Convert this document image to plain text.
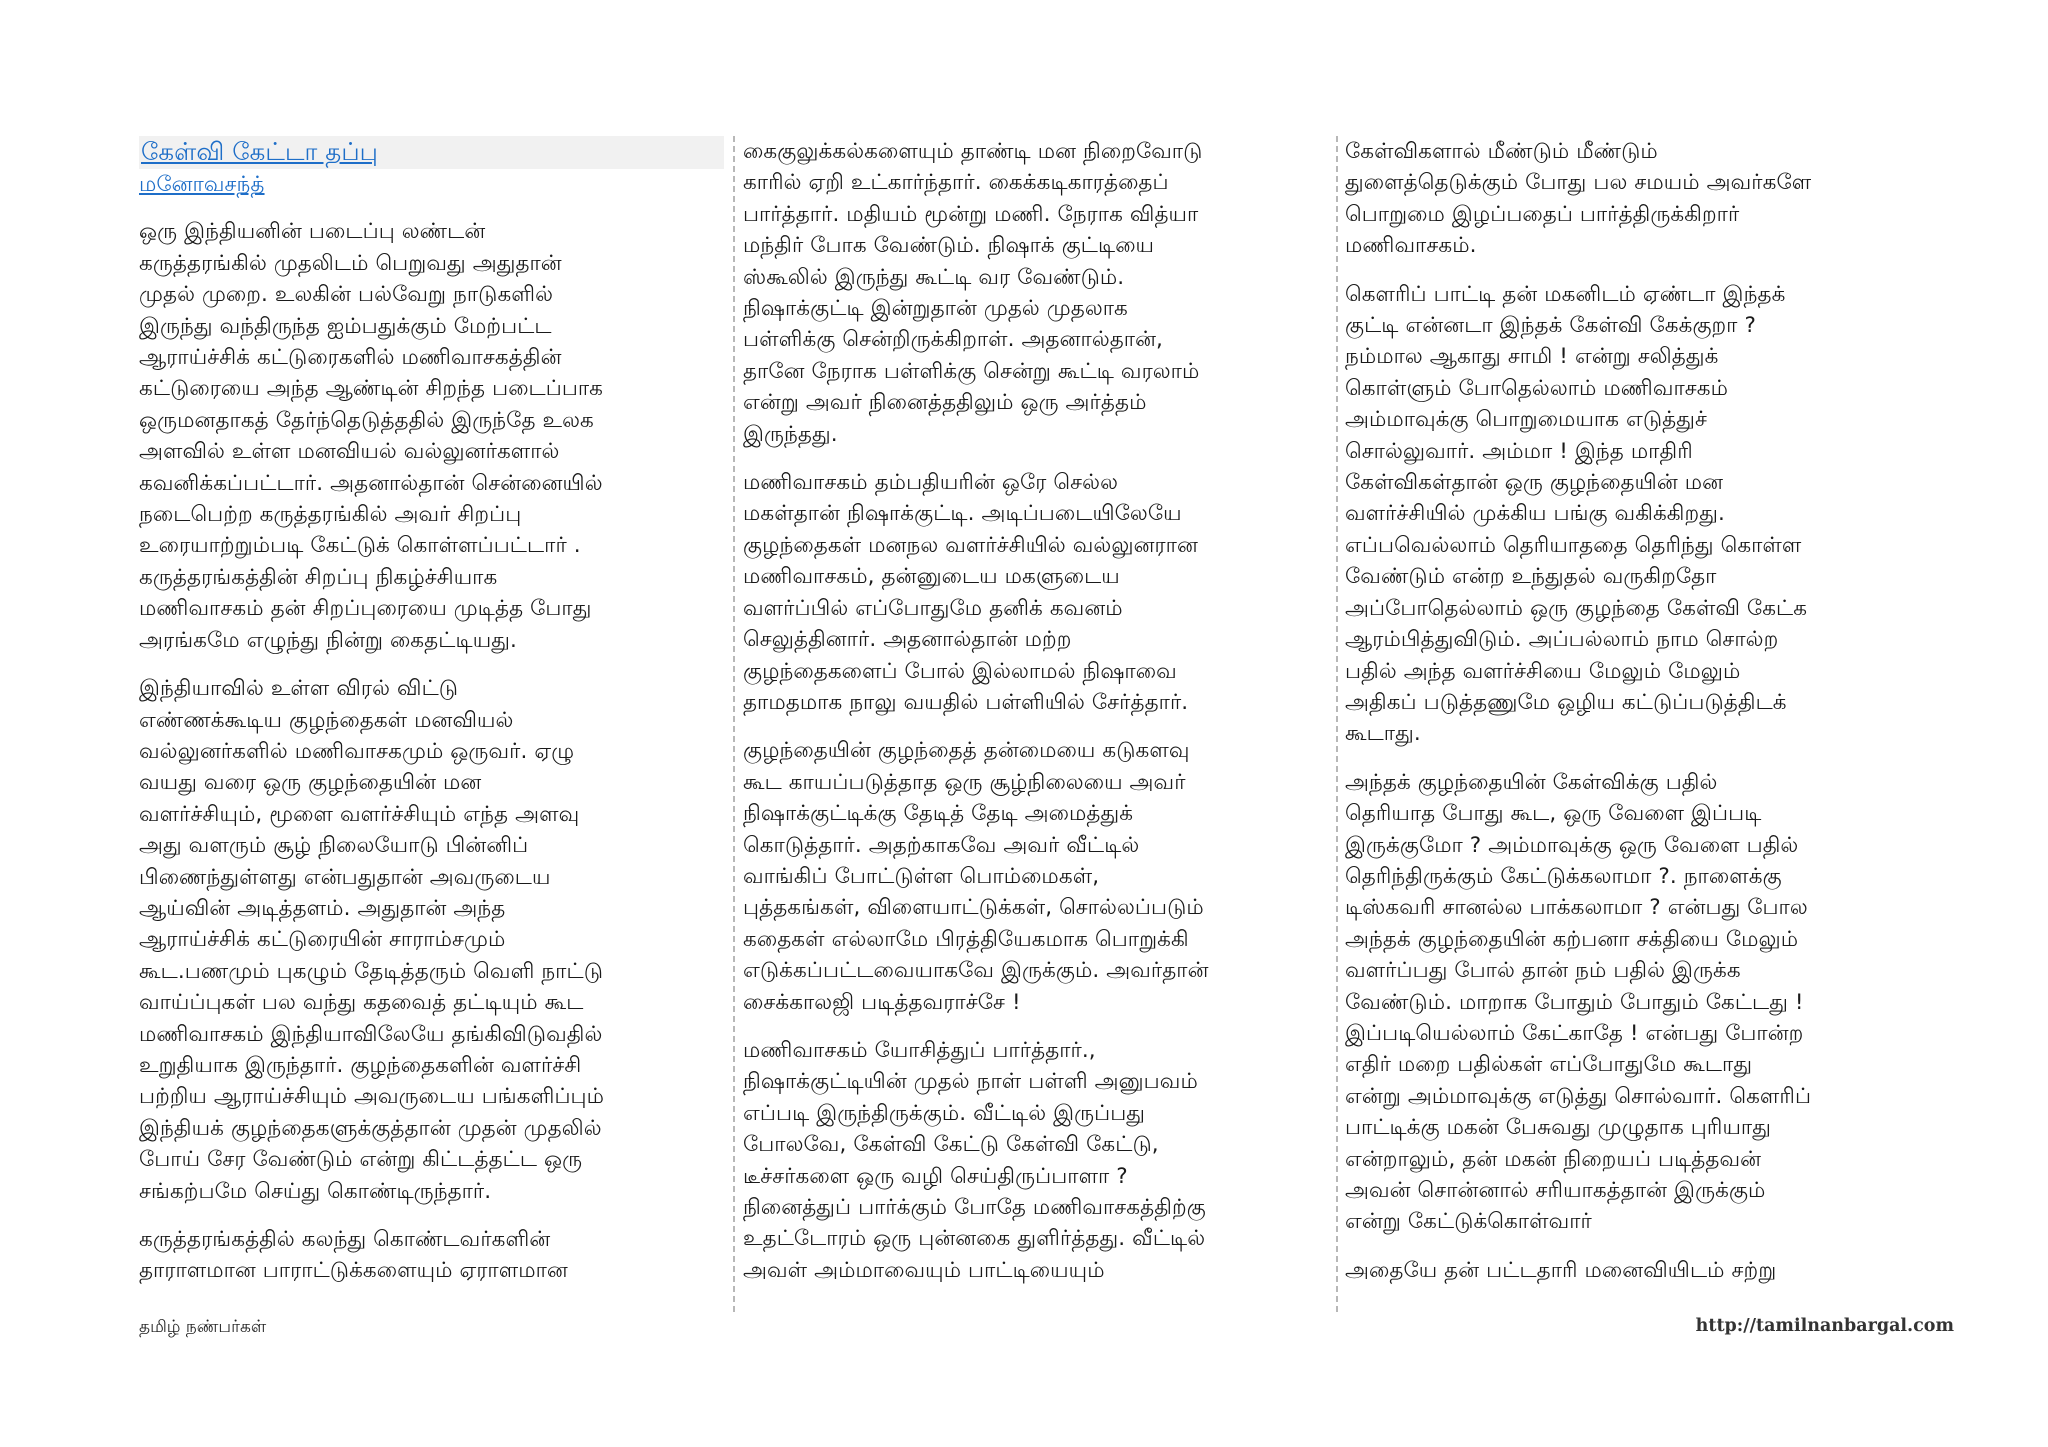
கேள்வி கேட்டா தப்பு
மனோவசந்த்

ஒரு இந்தியனின் படைப்பு லண்டன்
கருத்தரங்கில் முதலிடம் பெறுவது அதுதான்
முதல் முறை. உலகின் பல்வேறு நாடுகளில்
இருந்து வந்திருந்த ஐம்பதுக்கும் மேற்பட்ட
ஆராய்ச்சிக் கட்டுரைகளில் மணிவாசகத்தின்
கட்டுரையை அந்த ஆண்டின் சிறந்த படைப்பாக
ஒருமனதாகத் தேர்ந்தெடுத்ததில் இருந்தே உலக
அளவில் உள்ள மனவியல் வல்லுனர்களால்
கவனிக்கப்பட்டார். அதனால்தான் சென்னையில்
நடைபெற்ற கருத்தரங்கில் அவர் சிறப்பு
உரையாற்றும்படி கேட்டுக் கொள்ளப்பட்டார் .
கருத்தரங்கத்தின் சிறப்பு நிகழ்ச்சியாக
மணிவாசகம் தன் சிறப்புரையை முடித்த போது
அரங்கமே எழுந்து நின்று கைதட்டியது.

இந்தியாவில் உள்ள விரல் விட்டு
எண்ணக்கூடிய குழந்தைகள் மனவியல்
வல்லுனர்களில் மணிவாசகமும் ஒருவர். ஏழு
வயது வரை ஒரு குழந்தையின் மன
வளர்ச்சியும், மூளை வளர்ச்சியும் எந்த அளவு
அது வளரும் சூழ் நிலையோடு பின்னிப்
பிணைந்துள்ளது என்பதுதான் அவருடைய
ஆய்வின் அடித்தளம். அதுதான் அந்த
ஆராய்ச்சிக் கட்டுரையின் சாராம்சமும்
கூட.பணமும் புகழும் தேடித்தரும் வெளி நாட்டு
வாய்ப்புகள் பல வந்து கதவைத் தட்டியும் கூட
மணிவாசகம் இந்தியாவிலேயே தங்கிவிடுவதில்
உறுதியாக இருந்தார். குழந்தைகளின் வளர்ச்சி
பற்றிய ஆராய்ச்சியும் அவருடைய பங்களிப்பும்
இந்தியக் குழந்தைகளுக்குத்தான் முதன் முதலில்
போய் சேர வேண்டும் என்று கிட்டத்தட்ட ஒரு
சங்கற்பமே செய்து கொண்டிருந்தார்.

கருத்தரங்கத்தில் கலந்து கொண்டவர்களின்
தாராளமான பாராட்டுக்களையும் ஏராளமான

கைகுலுக்கல்களையும் தாண்டி மன நிறைவோடு
காரில் ஏறி உட்கார்ந்தார். கைக்கடிகாரத்தைப்
பார்த்தார். மதியம் மூன்று மணி. நேராக வித்யா
மந்திர் போக வேண்டும். நிஷாக் குட்டியை
ஸ்கூலில் இருந்து கூட்டி வர வேண்டும்.
நிஷாக்குட்டி இன்றுதான் முதல் முதலாக
பள்ளிக்கு சென்றிருக்கிறாள். அதனால்தான்,
தானே நேராக பள்ளிக்கு சென்று கூட்டி வரலாம்
என்று அவர் நினைத்ததிலும் ஒரு அர்த்தம்
இருந்தது.

மணிவாசகம் தம்பதியரின் ஒரே செல்ல
மகள்தான் நிஷாக்குட்டி. அடிப்படையிலேயே
குழந்தைகள் மனநல வளர்ச்சியில் வல்லுனரான
மணிவாசகம், தன்னுடைய மகளுடைய
வளர்ப்பில் எப்போதுமே தனிக் கவனம்
செலுத்தினார். அதனால்தான் மற்ற
குழந்தைகளைப் போல் இல்லாமல் நிஷாவை
தாமதமாக நாலு வயதில் பள்ளியில் சேர்த்தார்.

குழந்தையின் குழந்தைத் தன்மையை கடுகளவு
கூட காயப்படுத்தாத ஒரு சூழ்நிலையை அவர்
நிஷாக்குட்டிக்கு தேடித் தேடி அமைத்துக்
கொடுத்தார். அதற்காகவே அவர் வீட்டில்
வாங்கிப் போட்டுள்ள பொம்மைகள்,
புத்தகங்கள், விளையாட்டுக்கள், சொல்லப்படும்
கதைகள் எல்லாமே பிரத்தியேகமாக பொறுக்கி
எடுக்கப்பட்டவையாகவே இருக்கும். அவர்தான்
சைக்காலஜி படித்தவராச்சே !

மணிவாசகம் யோசித்துப் பார்த்தார்.,
நிஷாக்குட்டியின் முதல் நாள் பள்ளி அனுபவம்
எப்படி இருந்திருக்கும். வீட்டில் இருப்பது
போலவே, கேள்வி கேட்டு கேள்வி கேட்டு,
டீச்சர்களை ஒரு வழி செய்திருப்பாளா ?
நினைத்துப் பார்க்கும் போதே மணிவாசகத்திற்கு
உதட்டோரம் ஒரு புன்னகை துளிர்த்தது. வீட்டில்
அவள் அம்மாவையும் பாட்டியையும்

கேள்விகளால் மீண்டும் மீண்டும்
துளைத்தெடுக்கும் போது பல சமயம் அவர்களே
பொறுமை இழப்பதைப் பார்த்திருக்கிறார்
மணிவாசகம்.

கௌரிப் பாட்டி தன் மகனிடம் ஏண்டா இந்தக்
குட்டி என்னடா இந்தக் கேள்வி கேக்குறா ?
நம்மால ஆகாது சாமி ! என்று சலித்துக்
கொள்ளும் போதெல்லாம் மணிவாசகம்
அம்மாவுக்கு பொறுமையாக எடுத்துச்
சொல்லுவார். அம்மா ! இந்த மாதிரி
கேள்விகள்தான் ஒரு குழந்தையின் மன
வளர்ச்சியில் முக்கிய பங்கு வகிக்கிறது.
எப்பவெல்லாம் தெரியாததை தெரிந்து கொள்ள
வேண்டும் என்ற உந்துதல் வருகிறதோ
அப்போதெல்லாம் ஒரு குழந்தை கேள்வி கேட்க
ஆரம்பித்துவிடும். அப்பல்லாம் நாம சொல்ற
பதில் அந்த வளர்ச்சியை மேலும் மேலும்
அதிகப் படுத்தணுமே ஒழிய கட்டுப்படுத்திடக்
கூடாது.

அந்தக் குழந்தையின் கேள்விக்கு பதில்
தெரியாத போது கூட, ஒரு வேளை இப்படி
இருக்குமோ ? அம்மாவுக்கு ஒரு வேளை பதில்
தெரிந்திருக்கும் கேட்டுக்கலாமா ?. நாளைக்கு
டிஸ்கவரி சானல்ல பாக்கலாமா ? என்பது போல
அந்தக் குழந்தையின் கற்பனா சக்தியை மேலும்
வளர்ப்பது போல் தான் நம் பதில் இருக்க
வேண்டும். மாறாக போதும் போதும் கேட்டது !
இப்படியெல்லாம் கேட்காதே ! என்பது போன்ற
எதிர் மறை பதில்கள் எப்போதுமே கூடாது
என்று அம்மாவுக்கு எடுத்து சொல்வார். கௌரிப்
பாட்டிக்கு மகன் பேசுவது முழுதாக புரியாது
என்றாலும், தன் மகன் நிறையப் படித்தவன்
அவன் சொன்னால் சரியாகத்தான் இருக்கும்
என்று கேட்டுக்கொள்வார்

அதையே தன் பட்டதாரி மனைவியிடம் சற்று

தமிழ் நண்பர்கள்	http://tamilnanbargal.com
